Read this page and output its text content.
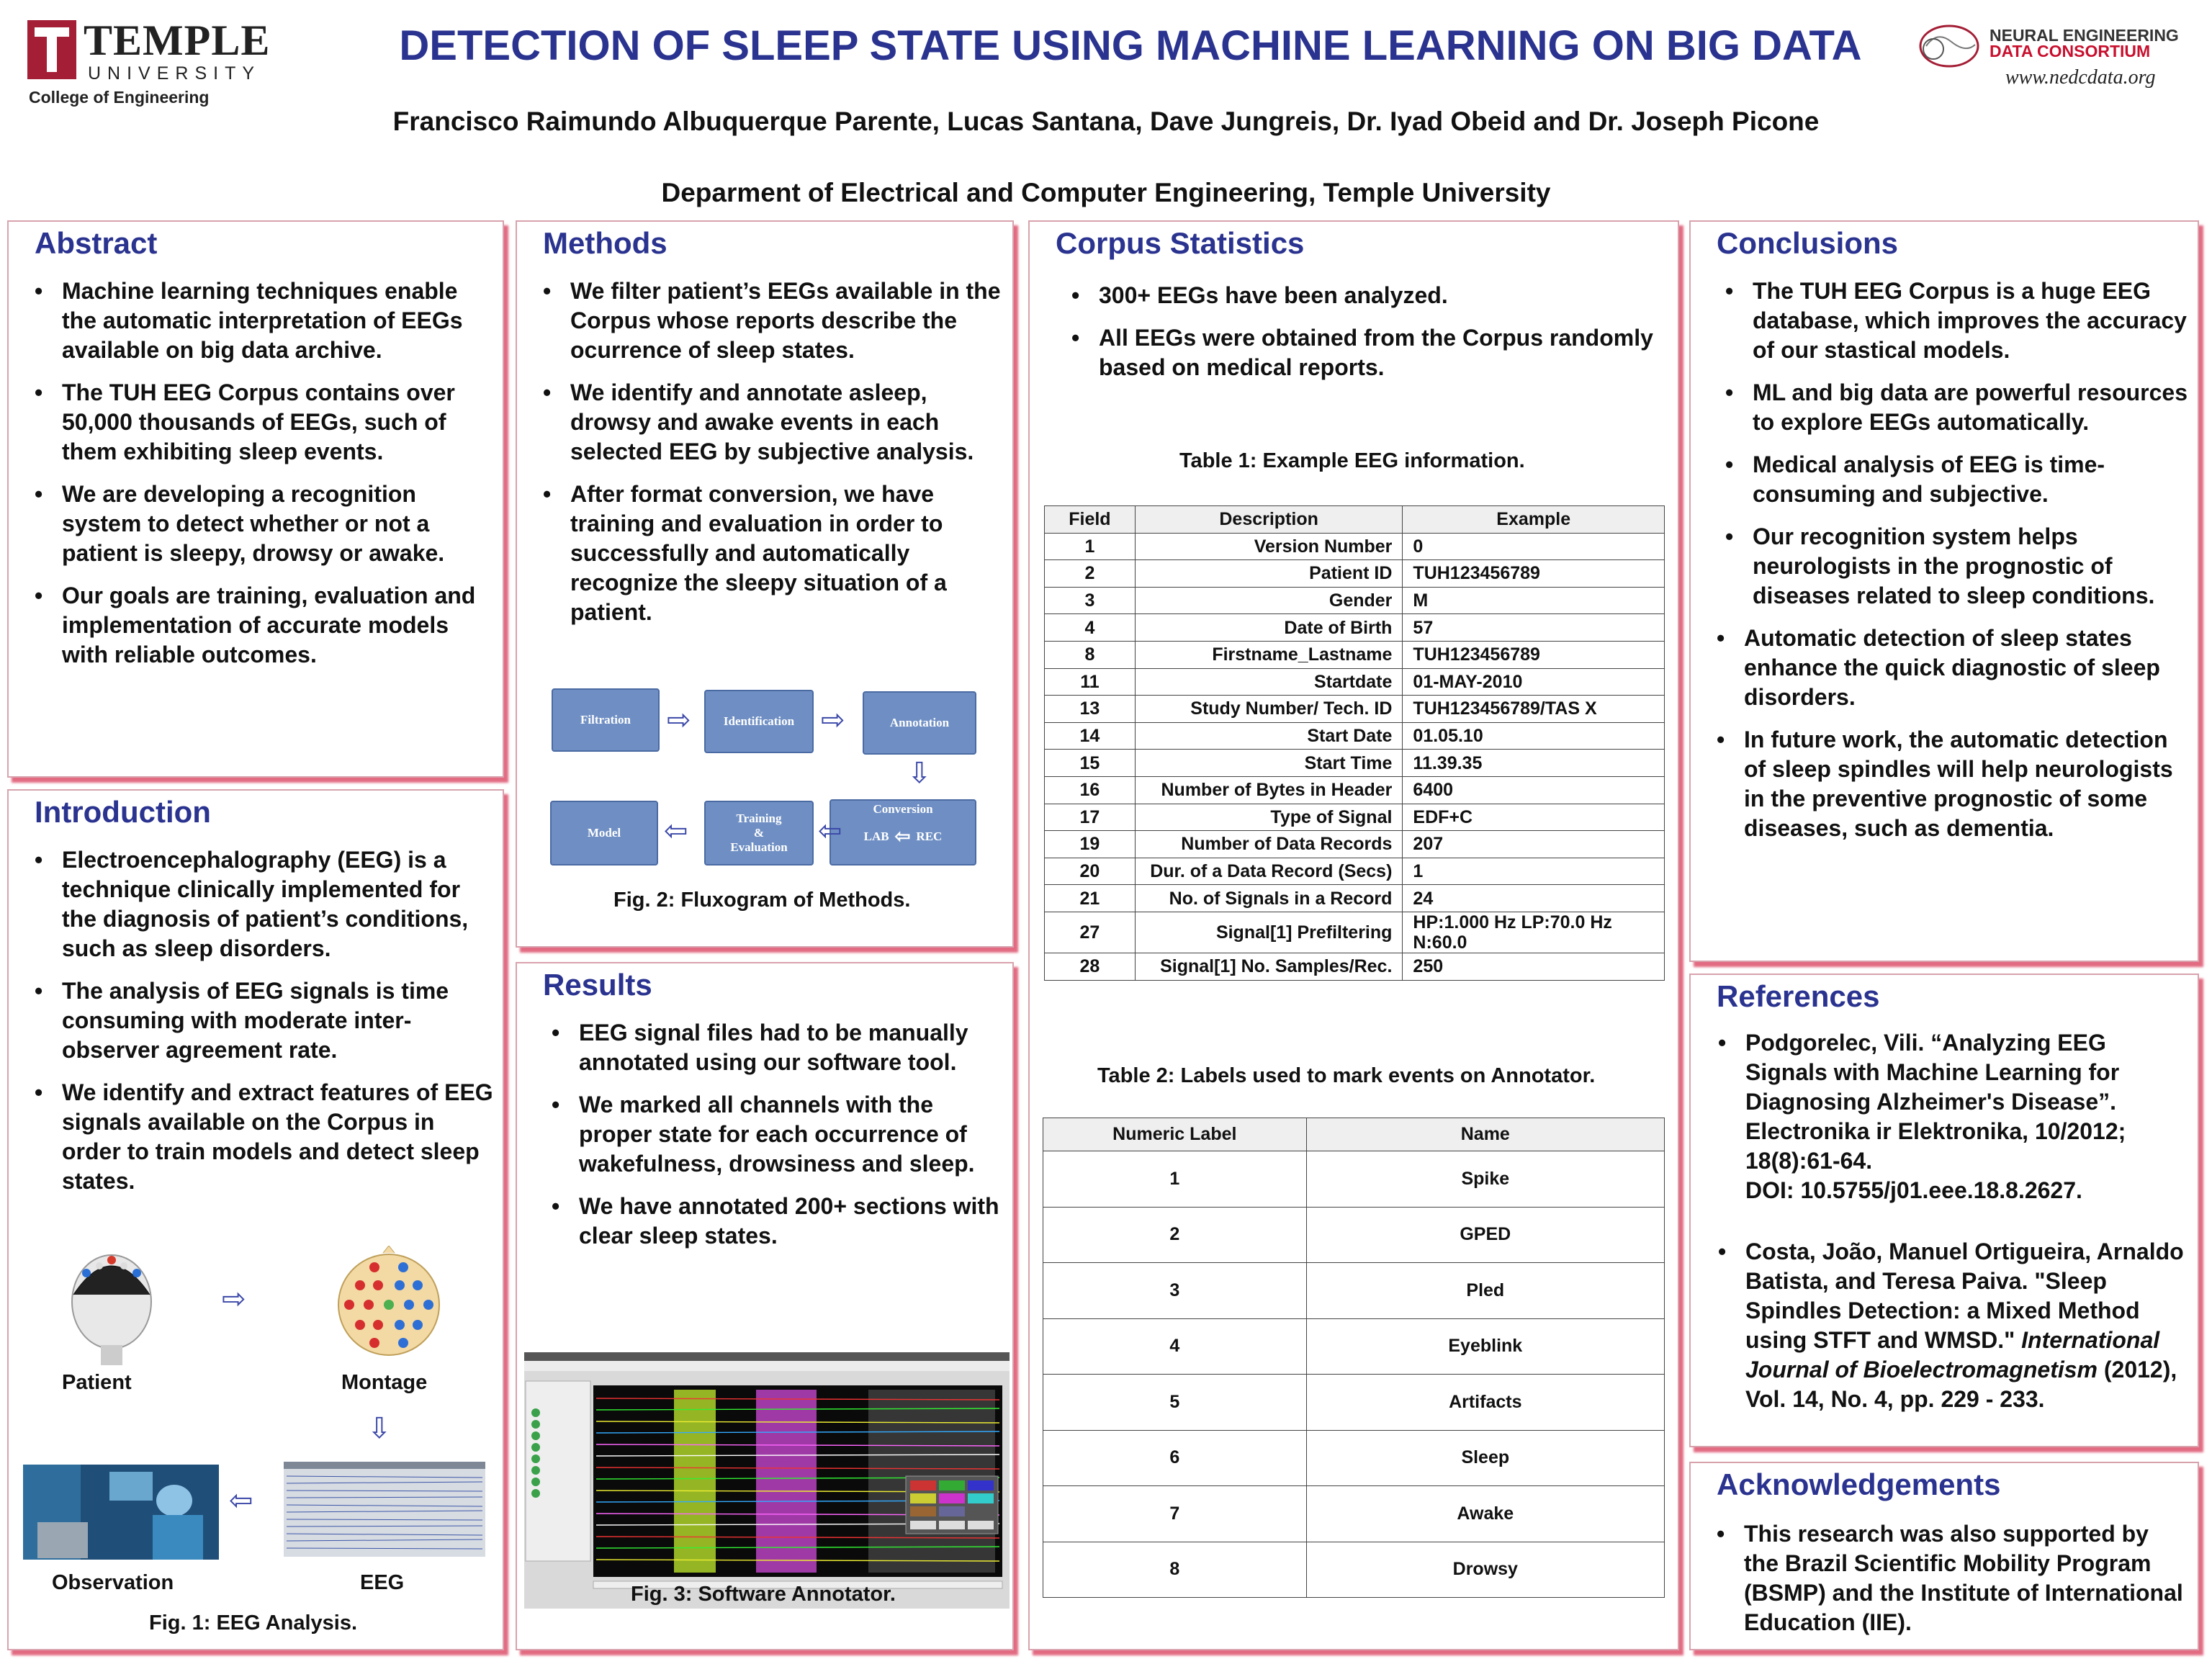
TEMPLE
UNIVERSITY
College of Engineering
DETECTION OF SLEEP STATE USING MACHINE LEARNING ON BIG DATA
Francisco Raimundo Albuquerque Parente, Lucas Santana, Dave Jungreis, Dr. Iyad Obeid and Dr. Joseph Picone
Deparment of Electrical and Computer Engineering, Temple University
NEURAL ENGINEERING
DATA CONSORTIUM
www.nedcdata.org
Abstract
• Machine learning techniques enable the automatic interpretation of EEGs available on big data archive.
• The TUH EEG Corpus contains over 50,000 thousands of EEGs, such of them exhibiting sleep events.
• We are developing a recognition system to detect whether or not a patient is sleepy, drowsy or awake.
• Our goals are training, evaluation and implementation of accurate models with reliable outcomes.
Introduction
• Electroencephalography (EEG) is a technique clinically implemented for the diagnosis of patient’s conditions, such as sleep disorders.
• The analysis of EEG signals is time consuming with moderate inter-observer agreement rate.
• We identify and extract features of EEG signals available on the Corpus in order to train models and detect sleep states.
⇨
Patient	Montage
⇩
⇦
Observation	EEG
Fig. 1: EEG Analysis.
Methods
• We filter patient’s EEGs available in the Corpus whose reports describe the ocurrence of sleep states.
• We identify and annotate asleep, drowsy and awake events in each selected EEG by subjective analysis.
• After format conversion, we have training and evaluation in order to successfully and automatically recognize the sleepy situation of a patient.
Filtration	⇨	Identification ⇨	Annotation
⇩
Conversion
LAB ⇦ REC
⇦
Training
&
Evaluation
⇦
Model
Fig. 2: Fluxogram of Methods.
Results
• EEG signal files had to be manually annotated using our software tool.
• We marked all channels with the proper state for each occurrence of wakefulness, drowsiness and sleep.
• We have annotated 200+ sections with clear sleep states.
Fig. 3: Software Annotator.
Corpus Statistics
• 300+ EEGs have been analyzed.
• All EEGs were obtained from the Corpus randomly based on medical reports.
Table 1: Example EEG information.
Field	Description	Example
1	Version Number	0
2	Patient ID	TUH123456789
3	Gender	M
4	Date of Birth	57
8	Firstname_Lastname	TUH123456789
11	Startdate	01-MAY-2010
13	Study Number/ Tech. ID	TUH123456789/TAS X
14	Start Date	01.05.10
15	Start Time	11.39.35
16	Number of Bytes in Header	6400
17	Type of Signal	EDF+C
19	Number of Data Records	207
20	Dur. of a Data Record (Secs)	1
21	No. of Signals in a Record	24
27	Signal[1] Prefiltering	HP:1.000 Hz LP:70.0 Hz N:60.0
28	Signal[1] No. Samples/Rec.	250
Table 2: Labels used to mark events on Annotator.
Numeric Label	Name
1	Spike
2	GPED
3	Pled
4	Eyeblink
5	Artifacts
6	Sleep
7	Awake
8	Drowsy
Conclusions
• The TUH EEG Corpus is a huge EEG database, which improves the accuracy of our stastical models.
• ML and big data are powerful resources to explore EEGs automatically.
• Medical analysis of EEG is time-consuming and subjective.
• Our recognition system helps neurologists in the prognostic of diseases related to sleep conditions.
• Automatic detection of sleep states enhance the quick diagnostic of sleep disorders.
• In future work, the automatic detection of sleep spindles will help neurologists in the preventive prognostic of some diseases, such as dementia.
References
• Podgorelec, Vili. “Analyzing EEG Signals with Machine Learning for Diagnosing Alzheimer's Disease”. Electronika ir Elektronika, 10/2012; 18(8):61-64.
DOI: 10.5755/j01.eee.18.8.2627.
• Costa, João, Manuel Ortigueira, Arnaldo Batista, and Teresa Paiva. "Sleep Spindles Detection: a Mixed Method using STFT and WMSD." International Journal of Bioelectromagnetism (2012), Vol. 14, No. 4, pp. 229 - 233.
Acknowledgements
• This research was also supported by the Brazil Scientific Mobility Program (BSMP) and the Institute of International Education (IIE).
